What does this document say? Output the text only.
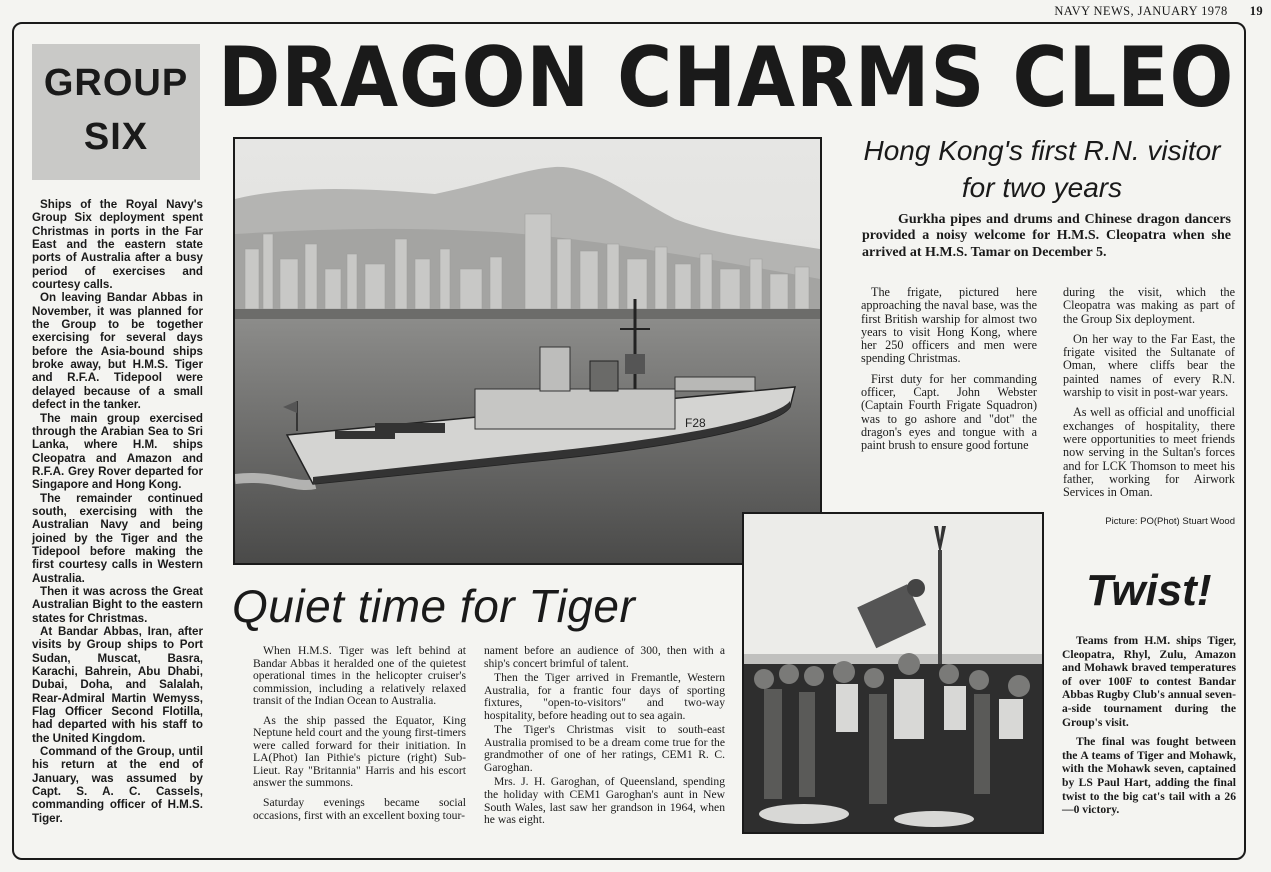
NAVY NEWS, JANUARY 1978 19
GROUP
SIX
DRAGON CHARMS CLEO

Ships of the Royal Navy's Group Six deployment spent Christmas in ports in the Far East and the eastern state ports of Australia after a busy period of exercises and courtesy calls.

On leaving Bandar Abbas in November, it was planned for the Group to be together exercising for several days before the Asia-bound ships broke away, but H.M.S. Tiger and R.F.A. Tidepool were delayed because of a small defect in the tanker.

The main group exercised through the Arabian Sea to Sri Lanka, where H.M. ships Cleopatra and Amazon and R.F.A. Grey Rover departed for Singapore and Hong Kong.

The remainder continued south, exercising with the Australian Navy and being joined by the Tiger and the Tidepool before making the first courtesy calls in Western Australia.

Then it was across the Great Australian Bight to the eastern states for Christmas.

At Bandar Abbas, Iran, after visits by Group ships to Port Sudan, Muscat, Basra, Karachi, Bahrein, Abu Dhabi, Dubai, Doha, and Salalah, Rear-Admiral Martin Wemyss, Flag Officer Second Flotilla, had departed with his staff to the United Kingdom.

Command of the Group, until his return at the end of January, was assumed by Capt. S. A. C. Cassels, commanding officer of H.M.S. Tiger.

F28
Hong Kong's first R.N. visitor for two years
Gurkha pipes and drums and Chinese dragon dancers provided a noisy welcome for H.M.S. Cleopatra when she arrived at H.M.S. Tamar on December 5.

The frigate, pictured here approaching the naval base, was the first British warship for almost two years to visit Hong Kong, where her 250 officers and men were spending Christmas.

First duty for her commanding officer, Capt. John Webster (Captain Fourth Frigate Squadron) was to go ashore and "dot" the dragon's eyes and tongue with a paint brush to ensure good fortune

during the visit, which the Cleopatra was making as part of the Group Six deployment.

On her way to the Far East, the frigate visited the Sultanate of Oman, where cliffs bear the painted names of every R.N. warship to visit in post-war years.

As well as official and unofficial exchanges of hospitality, there were opportunities to meet friends now serving in the Sultan's forces and for LCK Thomson to meet his father, working for Airwork Services in Oman.

Picture: PO(Phot) Stuart Wood
Quiet time for Tiger

When H.M.S. Tiger was left behind at Bandar Abbas it heralded one of the quietest operational times in the helicopter cruiser's commission, including a relatively relaxed transit of the Indian Ocean to Australia.

As the ship passed the Equator, King Neptune held court and the young first-timers were called forward for their initiation. In LA(Phot) Ian Pithie's picture (right) Sub-Lieut. Ray "Britannia" Harris and his escort answer the summons.

Saturday evenings became social occasions, first with an excellent boxing tour-

nament before an audience of 300, then with a ship's concert brimful of talent.

Then the Tiger arrived in Fremantle, Western Australia, for a frantic four days of sporting fixtures, "open-to-visitors" and two-way hospitality, before heading out to sea again.

The Tiger's Christmas visit to south-east Australia promised to be a dream come true for the grandmother of one of her ratings, CEM1 R. C. Garoghan.

Mrs. J. H. Garoghan, of Queensland, spending the holiday with CEM1 Garoghan's aunt in New South Wales, last saw her grandson in 1964, when he was eight.

Twist!

Teams from H.M. ships Tiger, Cleopatra, Rhyl, Zulu, Amazon and Mohawk braved temperatures of over 100F to contest Bandar Abbas Rugby Club's annual seven-a-side tournament during the Group's visit.

The final was fought between the A teams of Tiger and Mohawk, with the Mohawk seven, captained by LS Paul Hart, adding the final twist to the big cat's tail with a 26—0 victory.
